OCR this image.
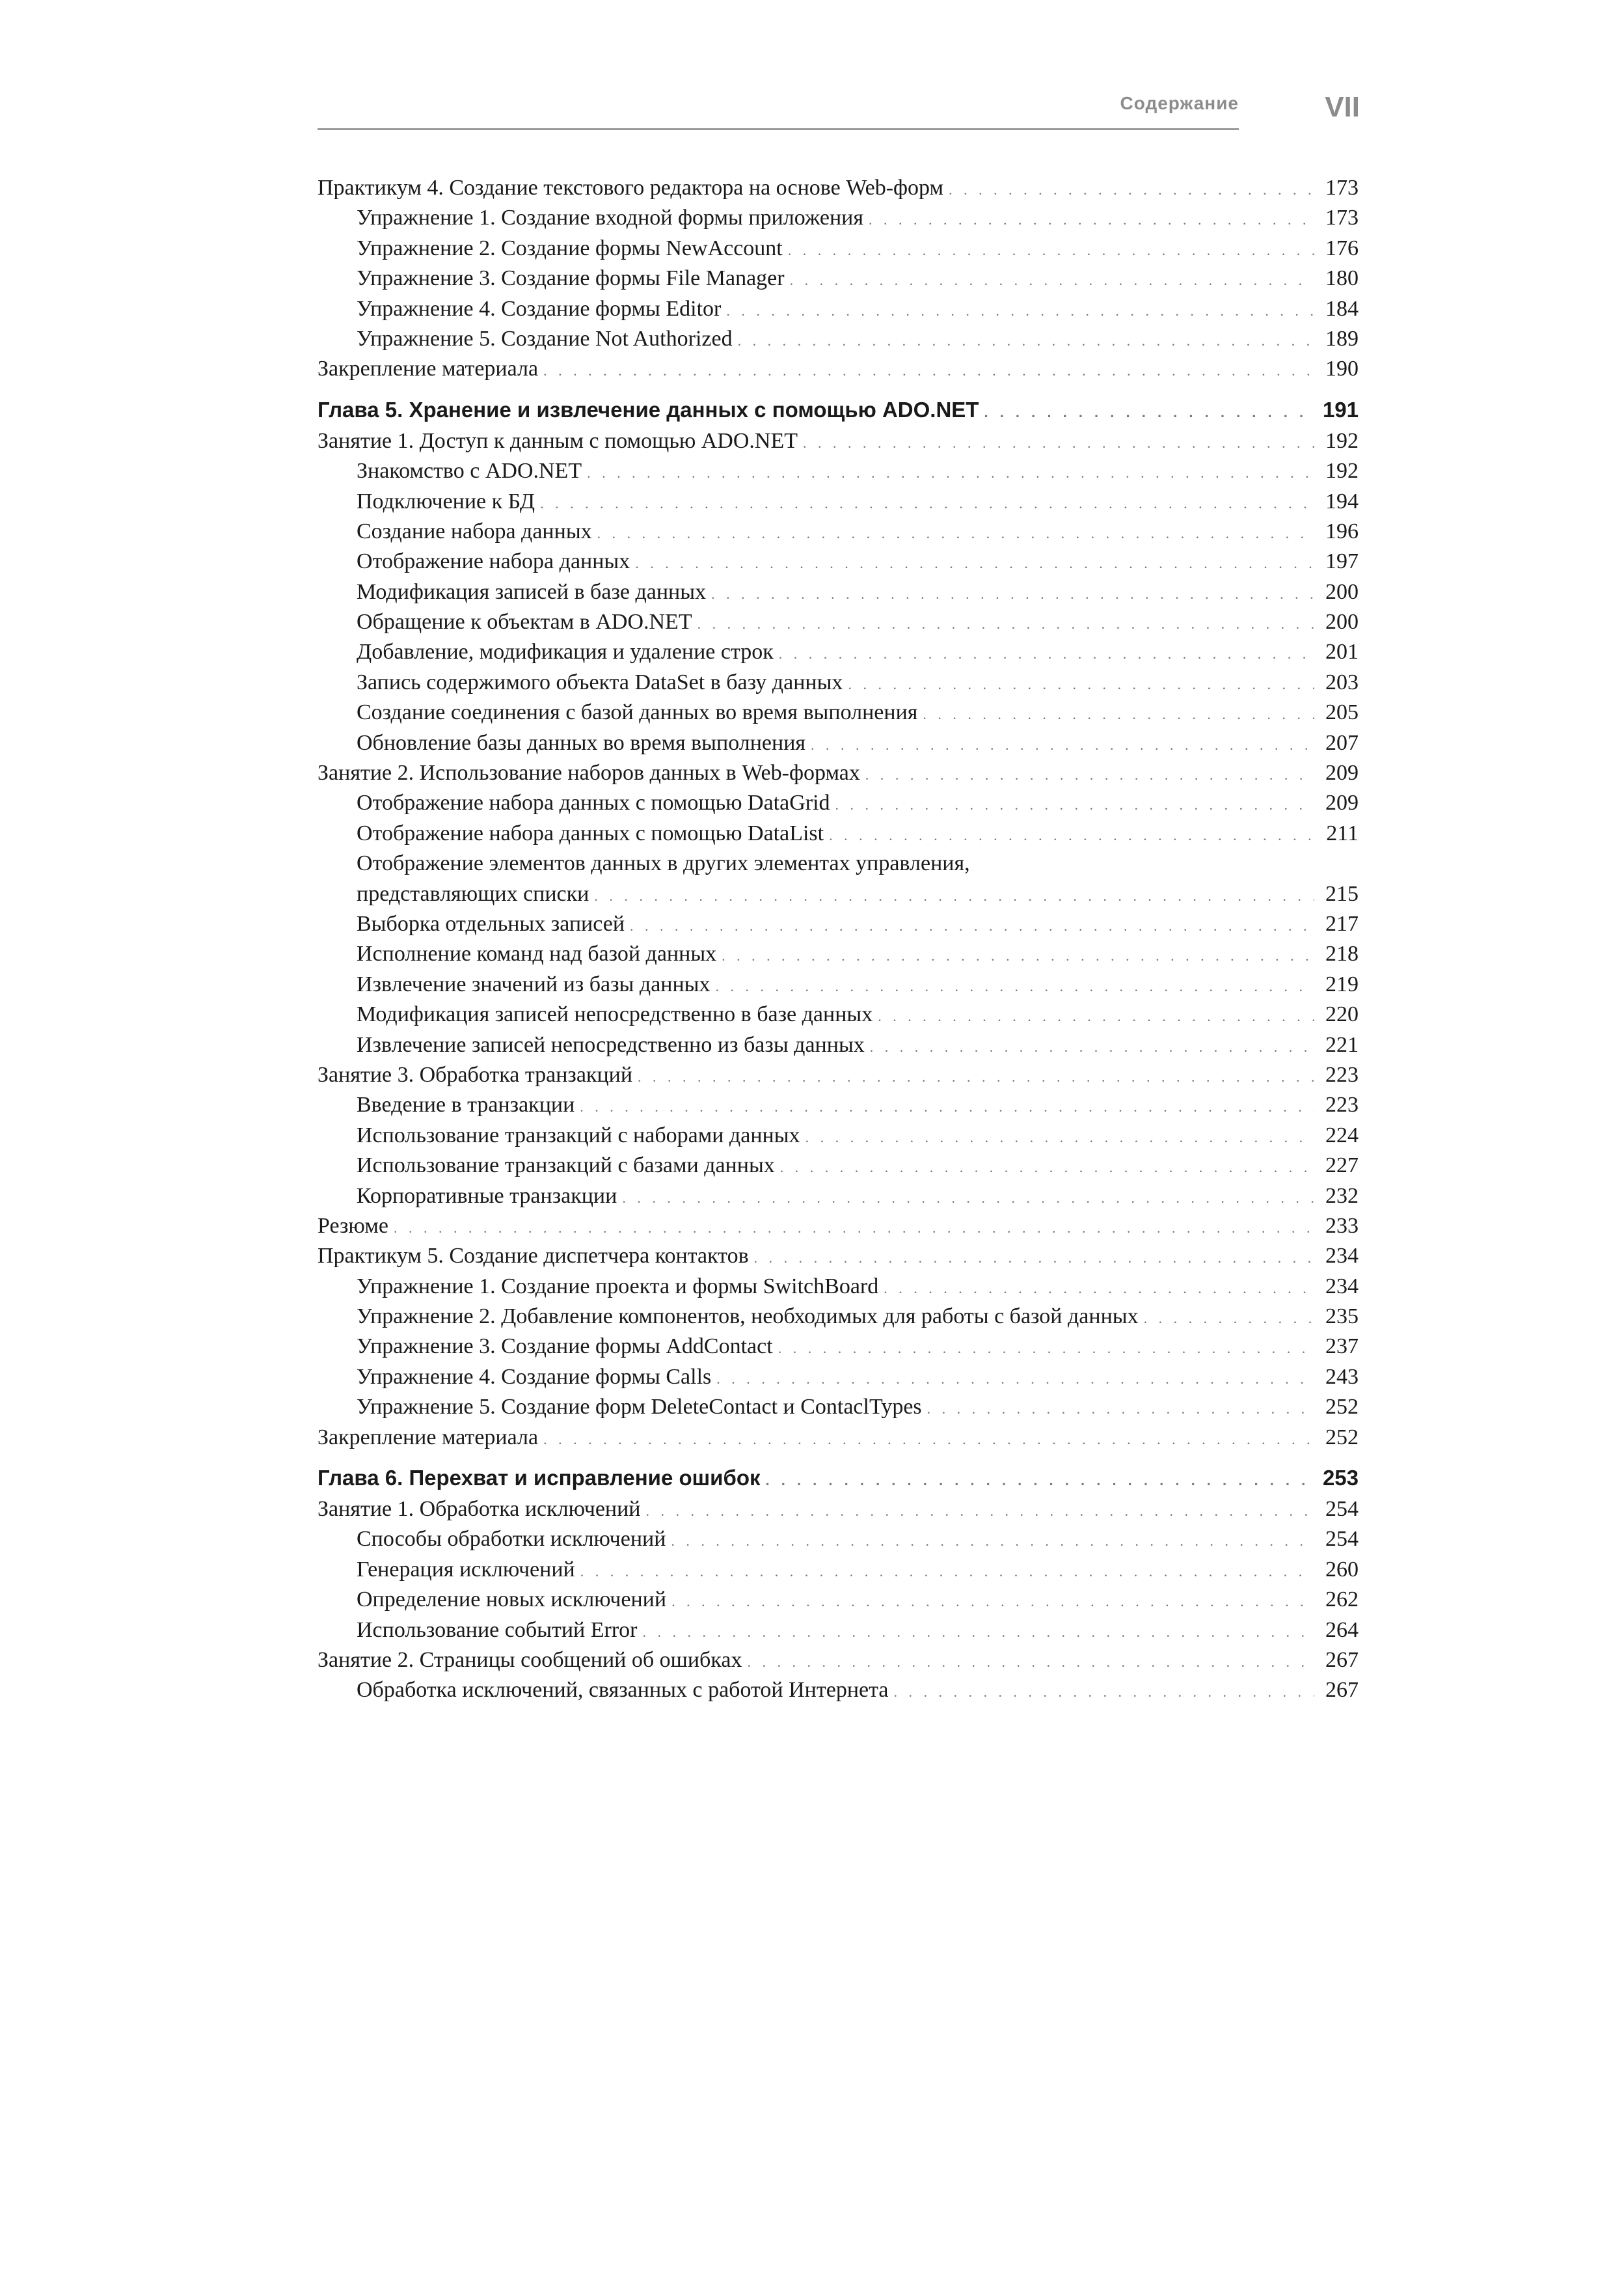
Содержание	VII
Практикум 4. Создание текстового редактора на основе Web-форм . . .	173
Упражнение 1. Создание входной формы приложения . . .	173
Упражнение 2. Создание формы NewAccount . . .	176
Упражнение 3. Создание формы File Manager . . .	180
Упражнение 4. Создание формы Editor . . .	184
Упражнение 5. Создание Not Authorized . . .	189
Закрепление материала . . .	190
Глава 5. Хранение и извлечение данных с помощью ADO.NET . . .	191
Занятие 1. Доступ к данным с помощью ADO.NET . . .	192
Знакомство с ADO.NET . . .	192
Подключение к БД . . .	194
Создание набора данных . . .	196
Отображение набора данных . . .	197
Модификация записей в базе данных . . .	200
Обращение к объектам в ADO.NET . . .	200
Добавление, модификация и удаление строк . . .	201
Запись содержимого объекта DataSet в базу данных . . .	203
Создание соединения с базой данных во время выполнения . . .	205
Обновление базы данных во время выполнения . . .	207
Занятие 2. Использование наборов данных в Web-формах . . .	209
Отображение набора данных с помощью DataGrid . . .	209
Отображение набора данных с помощью DataList . . .	211
Отображение элементов данных в других элементах управления,
представляющих списки . . .	215
Выборка отдельных записей . . .	217
Исполнение команд над базой данных . . .	218
Извлечение значений из базы данных . . .	219
Модификация записей непосредственно в базе данных . . .	220
Извлечение записей непосредственно из базы данных . . .	221
Занятие 3. Обработка транзакций . . .	223
Введение в транзакции . . .	223
Использование транзакций с наборами данных . . .	224
Использование транзакций с базами данных . . .	227
Корпоративные транзакции . . .	232
Резюме . . .	233
Практикум 5. Создание диспетчера контактов . . .	234
Упражнение 1. Создание проекта и формы SwitchBoard . . .	234
Упражнение 2. Добавление компонентов, необходимых для работы с базой данных . . .	235
Упражнение 3. Создание формы AddContact . . .	237
Упражнение 4. Создание формы Calls . . .	243
Упражнение 5. Создание форм DeleteContact и ContaclTypes . . .	252
Закрепление материала . . .	252
Глава 6. Перехват и исправление ошибок . . .	253
Занятие 1. Обработка исключений . . .	254
Способы обработки исключений . . .	254
Генерация исключений . . .	260
Определение новых исключений . . .	262
Использование событий Error . . .	264
Занятие 2. Страницы сообщений об ошибках . . .	267
Обработка исключений, связанных с работой Интернета . . .	267
